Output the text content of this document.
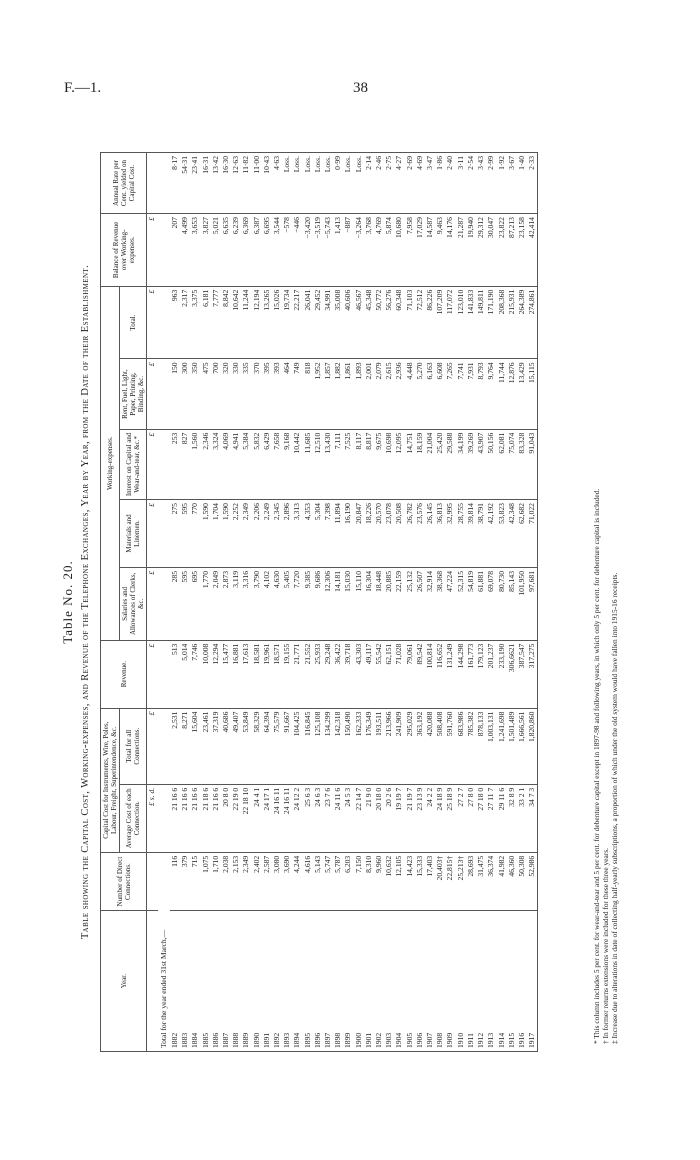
F.—1.	38
Table No. 20. Table showing the Capital Cost, Working-expenses, and Revenue of the Telephone Exchanges, Year by Year, from the Date of their Establishment.
Year.	Number of Direct Connections.	Capital Cost for Instruments, Wire, Poles, Labour, Freight, Superintendence, &c.		Revenue.	Working-expenses.					Balance of Revenue over Working-expenses.	Annual Rate per Cent. yielded on Capital Cost.
		Average Cost of each Connection.	Total for all Connections.		Salaries and Allowances of Clerks, &c.	Materials and Linemen.	Interest on Capital and Wear-and-tear, &c.*	Rent, Fuel, Light, Paper, Printing, Binding, &c.	Total.		
		£ s. d.	£	£	£	£	£	£	£	£	
Total for the year ended 31st March,—											
1882	116	21 16 6	2,531	513	285	275	253	150	963	207	8·17
1883	379	21 16 6	8,271	5,014	595	595	827	300	2,317	4,499	54·31
1884	715	21 16 6	15,604	7,746	695	770	1,560	350	3,375	3,653	23·41
1885	1,075	21 18 6	23,461	10,008	1,770	1,590	2,346	475	6,181	3,827	16·31
1886	1,710	21 16 6	37,319	12,294	2,049	1,704	3,324	700	7,777	5,021	13·42
1887	2,038	20 8 0	40,686	15,477	2,873	1,590	4,069	320	8,842	6,635	16·30
1888	2,153	22 19 0	49,407	16,881	3,119	2,252	4,941	330	10,642	6,239	12·63
1889	2,349	22 18 10	53,849	17,613	3,316	2,349	5,384	335	11,244	6,369	11·82
1890	2,402	24 4 1	58,329	18,581	3,790	2,206	5,832	370	12,194	6,387	11·00
1891	2,587	24 17 1	64,394	19,961	4,102	2,249	6,429	395	13,265	6,695	10·43
1892	3,080	24 16 11	75,579	18,571	4,630	2,345	7,658	393	15,026	3,544	4·63
1893	3,690	24 16 11	91,667	19,155	5,405	2,896	9,168	464	19,734	−578	Loss.
1894	4,244	24 12 2	104,425	21,771	7,720	3,313	10,442	749	22,217	−446	Loss.
1895	4,616	25 6 3	116,845	21,552	9,385	4,353	11,685	818	26,041	−3,420	Loss.
1896	5,143	24 6 3	125,108	25,933	9,686	5,304	12,510	1,952	29,452	−3,519	Loss.
1897	5,747	23 7 6	134,299	29,248	12,306	7,398	13,430	1,857	34,991	−5,743	Loss.
1898	5,787	24 11 6	142,318	36,422	14,181	11,894	7,111	1,882	35,008	1,413	0·99
1899	6,203	24 5 3	150,490	39,718	15,030	16,190	7,525	1,861	40,606	−887	Loss.
1900	7,150	22 14 7	162,333	43,303	15,110	20,847	8,117	1,893	46,567	−3,264	Loss.
1901	8,310	21 9 0	176,349	49,117	16,304	18,226	8,817	2,001	45,348	3,768	2·14
1902	9,960	20 18 0	193,511	55,542	18,448	20,570	9,675	2,079	50,772	4,769	2·46
1903	10,632	20 2 6	213,966	62,151	20,885	23,078	10,698	2,615	56,276	5,874	2·75
1904	12,105	19 19 7	241,909	71,028	22,159	20,508	12,095	2,936	60,348	10,680	4·27
1905	14,423	21 19 7	295,029	79,061	25,132	26,782	14,751	4,448	71,103	7,958	2·69
1906	15,333	23 13 9	363,192	89,542	26,507	23,576	18,159	5,270	72,512	17,029	4·69
1907	17,403	24 2 2	420,088	100,814	32,914	26,145	21,004	6,163	86,226	14,587	3·47
1908	20,403†	24 18 9	508,408	116,652	38,368	36,813	25,420	6,608	107,209	9,463	1·86
1909	22,815†	25 18 9	591,760	131,249	47,224	32,995	29,588	7,265	117,072	14,176	2·40
1910	25,213†	27 2 7	683,986	144,298	52,315	28,755	34,199	7,741	123,010	21,287	3·11
1911	28,693	27 8 0	785,382	161,773	54,819	39,814	39,269	7,931	141,833	19,940	2·54
1912	31,475	27 18 0	878,133	179,123	61,881	38,791	43,907	8,793	149,811	29,312	3·43
1913	36,374	27 11 7	1,003,131	201,237	69,078	42,192	50,156	9,764	171,190	30,047	2·99
1914	41,982	29 11 6	1,241,698	233,190	80,730	53,823	62,081	11,744	208,368	23,822	1·92
1915	46,360	32 8 9	1,501,489	306,6621	85,143	42,348	75,074	12,876	215,931	87,213	3·67
1916	50,308	33 2 1	1,666,561	387,547	101,950	62,682	83,328	13,429	264,389	23,158	1·40
1917	52,986	34 7 3	1,820,860	317,275	97,681	71,022	91,043	15,115	274,861	42,414	2·33
* This column includes 5 per cent. for wear-and-tear and 5 per cent. for debenture capital except in 1897-98 and following years, in which only 5 per cent. for debenture capital is included. † In former returns extensions were included for these three years. ‡ Increase due to alterations in date of collecting half-yearly subscriptions, a proportion of which under the old system would have fallen into 1915-16 receipts.
